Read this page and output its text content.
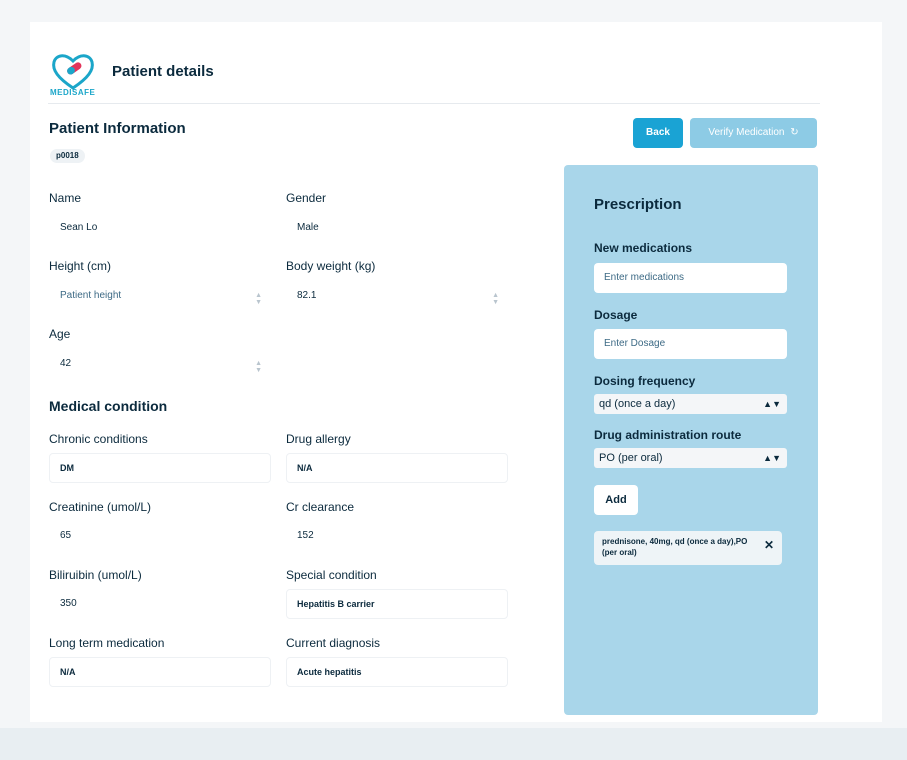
MEDISAFE
Patient details
Patient Information
p0018
Name
Sean Lo
Gender
Male
Height (cm)
Patient height	▲
▼
Body weight (kg)
82.1	▲
▼
Age
42	▲
▼
Medical condition
Chronic conditions
DM
Drug allergy
N/A
Creatinine (umol/L)
65
Cr clearance
152
Biliruibin (umol/L)
350
Special condition
Hepatitis B carrier
Long term medication
N/A
Current diagnosis
Acute hepatitis
Back	Verify Medication ↻
Prescription
New medications
Enter medications
Dosage
Enter Dosage
Dosing frequency
qd (once a day)	▲▼
Drug administration route
PO (per oral)	▲▼
Add
prednisone, 40mg, qd (once a day),PO (per oral)
✕
